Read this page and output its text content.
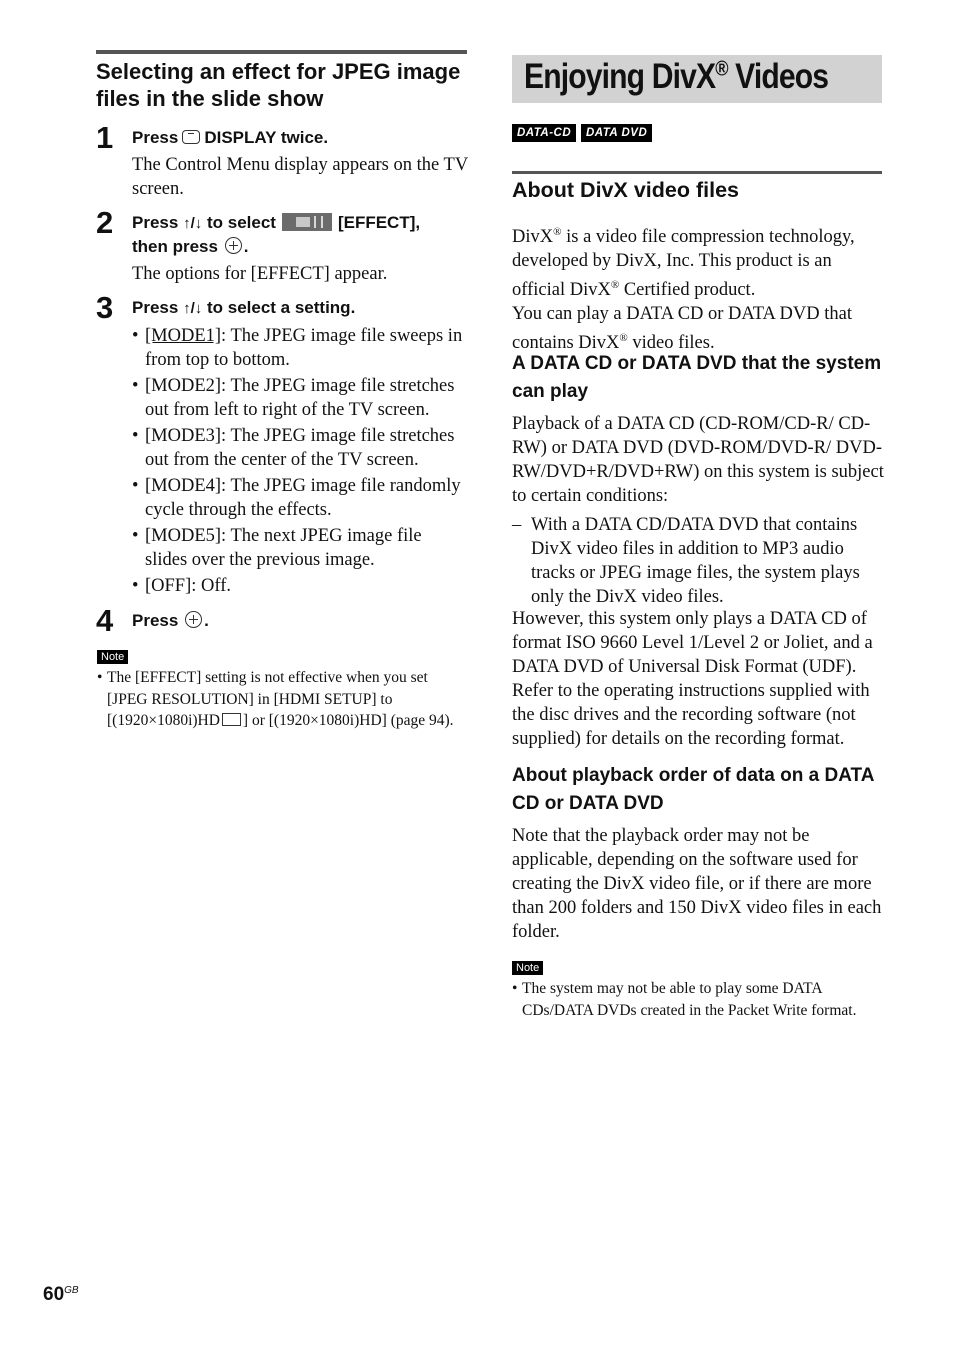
Selecting an effect for JPEG image files in the slide show
1 Press DISPLAY twice.
The Control Menu display appears on the TV screen.
2 Press ↑/↓ to select	[EFFECT],
then press .
The options for [EFFECT] appear.
3 Press ↑/↓ to select a setting.
• [MODE1]: The JPEG image file sweeps in from top to bottom.
• [MODE2]: The JPEG image file stretches out from left to right of the TV screen.
• [MODE3]: The JPEG image file stretches out from the center of the TV screen.
• [MODE4]: The JPEG image file randomly cycle through the effects.
• [MODE5]: The next JPEG image file slides over the previous image.
• [OFF]: Off.
4 Press .
Note
• The [EFFECT] setting is not effective when you set [JPEG RESOLUTION] in [HDMI SETUP] to [(1920×1080i)HD ] or [(1920×1080i)HD] (page 94).
Enjoying DivX® Videos
DATA-CD	DATA DVD
About DivX video files
DivX® is a video file compression technology, developed by DivX, Inc. This product is an official DivX® Certified product.
You can play a DATA CD or DATA DVD that contains DivX® video files.
A DATA CD or DATA DVD that the system can play
Playback of a DATA CD (CD-ROM/CD-R/ CD-RW) or DATA DVD (DVD-ROM/DVD-R/ DVD-RW/DVD+R/DVD+RW) on this system is subject to certain conditions:
– With a DATA CD/DATA DVD that contains DivX video files in addition to MP3 audio tracks or JPEG image files, the system plays only the DivX video files.
However, this system only plays a DATA CD of format ISO 9660 Level 1/Level 2 or Joliet, and a DATA DVD of Universal Disk Format (UDF). Refer to the operating instructions supplied with the disc drives and the recording software (not supplied) for details on the recording format.
About playback order of data on a DATA CD or DATA DVD
Note that the playback order may not be applicable, depending on the software used for creating the DivX video file, or if there are more than 200 folders and 150 DivX video files in each folder.
Note
• The system may not be able to play some DATA CDs/DATA DVDs created in the Packet Write format.
$60_{GB}$
